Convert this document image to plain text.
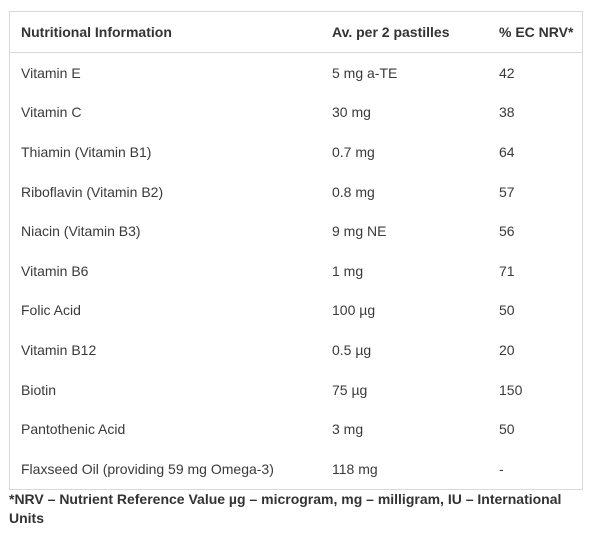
Nutritional Information	Av. per 2 pastilles	% EC NRV*
Vitamin E	5 mg a-TE	42
Vitamin C	30 mg	38
Thiamin (Vitamin B1)	0.7 mg	64
Riboflavin (Vitamin B2)	0.8 mg	57
Niacin (Vitamin B3)	9 mg NE	56
Vitamin B6	1 mg	71
Folic Acid	100 µg	50
Vitamin B12	0.5 µg	20
Biotin	75 µg	150
Pantothenic Acid	3 mg	50
Flaxseed Oil (providing 59 mg Omega-3)	118 mg	-
*NRV – Nutrient Reference Value µg – microgram, mg – milligram, IU – International Units
